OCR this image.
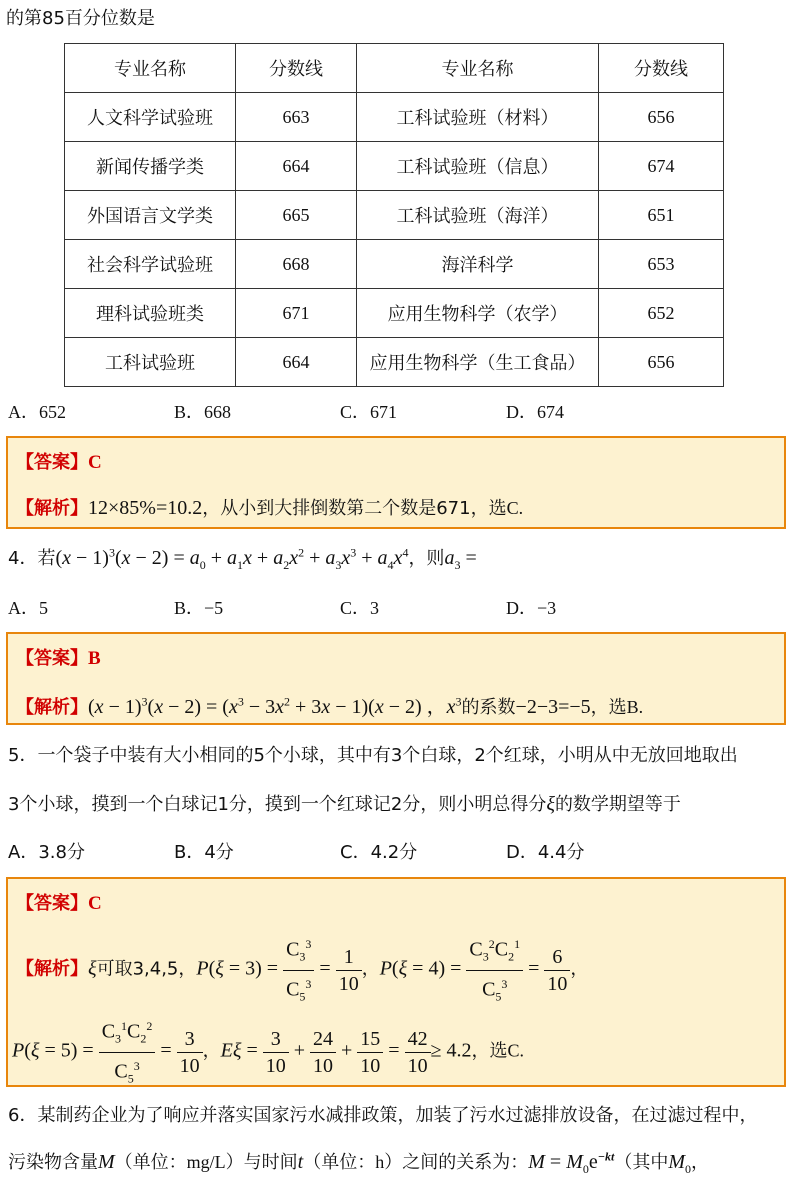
的第85百分位数是
专业名称	分数线	专业名称	分数线
人文科学试验班	663	工科试验班（材料）	656
新闻传播学类	664	工科试验班（信息）	674
外国语言文学类	665	工科试验班（海洋）	651
社会科学试验班	668	海洋科学	653
理科试验班类	671	应用生物科学（农学）	652
工科试验班	664	应用生物科学（生工食品）	656
A．652	B．668	C．671	D．674
【答案】C
【解析】12×85%=10.2，从小到大排倒数第二个数是671，选C.
4．若$(x - 1)^3(x - 2) = a_0 + a_1x + a_2x^2 + a_3x^3 + a_4x^4$，则$a_3$ =
A．5	B．−5	C．3	D．−3
【答案】B
【解析】$(x - 1)^3(x - 2) = (x^3 - 3x^2 + 3x - 1)(x - 2)$ ，$x^3$的系数−2−3=−5，选B.
5．一个袋子中装有大小相同的5个小球，其中有3个白球，2个红球，小明从中无放回地取出
3个小球，摸到一个白球记1分，摸到一个红球记2分，则小明总得分ξ的数学期望等于
A．3.8分	B．4分	C．4.2分	D．4.4分
【答案】C
【解析】ξ可取3,4,5，$P(\xi = 3) = \frac{C_3^3}{C_5^3} = \frac{1}{10}$ ，$P(\xi = 4) = \frac{C_3^2C_2^1}{C_5^3} = \frac{6}{10}$ ，
$P(\xi = 5) = \frac{C_3^1C_2^2}{C_5^3} = \frac{3}{10}$ ，$E\xi = \frac{3}{10} + \frac{24}{10} + \frac{15}{10} = \frac{42}{10} \ge 4.2$，选C.
6．某制药企业为了响应并落实国家污水减排政策，加装了污水过滤排放设备，在过滤过程中，
污染物含量M（单位：mg/L）与时间t（单位：h）之间的关系为：$M = M_0e^{-kt}$（其中$M_0$，
